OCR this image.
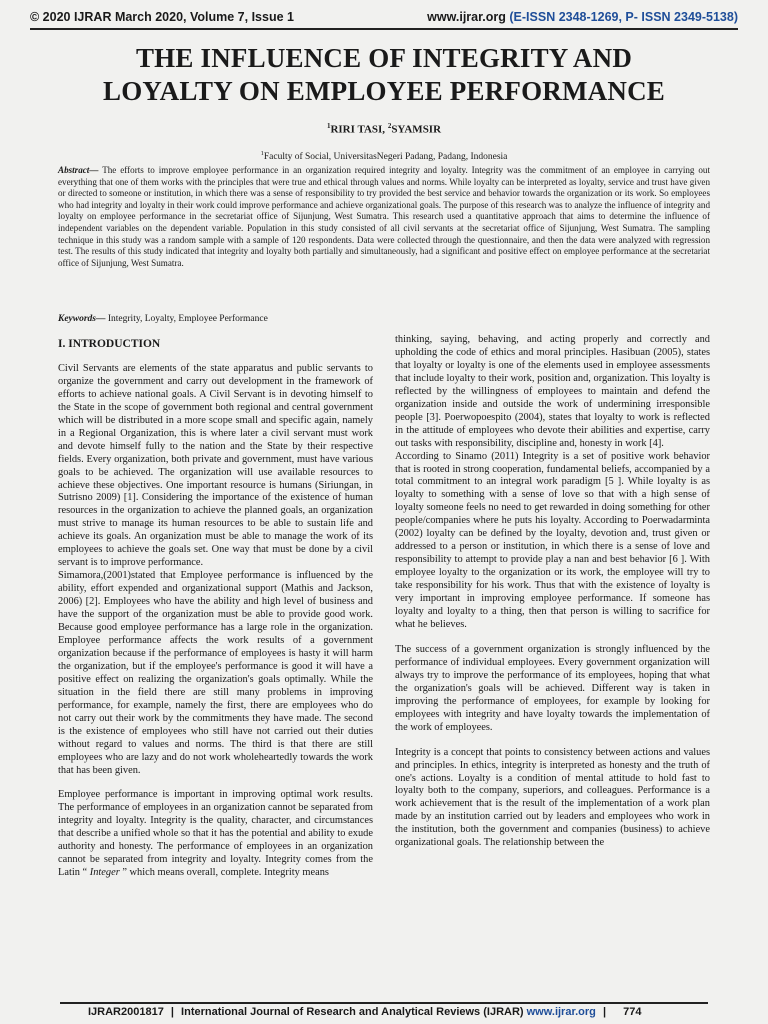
© 2020 IJRAR March 2020, Volume 7, Issue 1	www.ijrar.org (E-ISSN 2348-1269, P- ISSN 2349-5138)
THE INFLUENCE OF INTEGRITY AND
LOYALTY ON EMPLOYEE PERFORMANCE
$^1$RIRI TASI, $^2$SYAMSIR
$^1$Faculty of Social, UniversitasNegeri Padang, Padang, Indonesia
Abstract— The efforts to improve employee performance in an organization required integrity and loyalty. Integrity was the commitment of an employee in carrying out everything that one of them works with the principles that were true and ethical through values and norms. While loyalty can be interpreted as loyalty, service and trust have given or directed to someone or institution, in which there was a sense of responsibility to try provided the best service and behavior towards the organization or its work. So employees who had integrity and loyalty in their work could improve performance and achieve organizational goals. The purpose of this research was to analyze the influence of integrity and loyalty on employee performance in the secretariat office of Sijunjung, West Sumatra. This research used a quantitative approach that aims to determine the influence of independent variables on the dependent variable. Population in this study consisted of all civil servants at the secretariat office of Sijunjung, West Sumatra. The sampling technique in this study was a random sample with a sample of 120 respondents. Data were collected through the questionnaire, and then the data were analyzed with regression test. The results of this study indicated that integrity and loyalty both partially and simultaneously, had a significant and positive effect on employee performance at the secretariat office of Sijunjung, West Sumatra.
Keywords— Integrity, Loyalty, Employee Performance
I. INTRODUCTION

Civil Servants are elements of the state apparatus and public servants to organize the government and carry out development in the framework of efforts to achieve national goals. A Civil Servant is in devoting himself to the State in the scope of government both regional and central government which will be distributed in a more scope small and specific again, namely in a Regional Organization, this is where later a civil servant must work and devote himself fully to the nation and the State by their respective fields. Every organization, both private and government, must have various goals to be achieved. The organization will use available resources to achieve these objectives. One important resource is humans (Siriungan, in Sutrisno 2009) [1]. Considering the importance of the existence of human resources in the organization to achieve the planned goals, an organization must strive to manage its human resources to be able to sustain life and achieve its goals. An organization must be able to manage the work of its employees to achieve the goals set. One way that must be done by a civil servant is to improve performance.

Simamora,(2001)stated that Employee performance is influenced by the ability, effort expended and organizational support (Mathis and Jackson, 2006) [2]. Employees who have the ability and high level of business and have the support of the organization must be able to provide good work. Because good employee performance has a large role in the organization. Employee performance affects the work results of a government organization because if the performance of employees is hasty it will harm the organization, but if the employee's performance is good it will have a positive effect on realizing the organization's goals optimally. While the situation in the field there are still many problems in improving performance, for example, namely the first, there are employees who do not carry out their work by the commitments they have made. The second is the existence of employees who still have not carried out their duties without regard to values and norms. The third is that there are still employees who are lazy and do not work wholeheartedly towards the work that has been given.

Employee performance is important in improving optimal work results. The performance of employees in an organization cannot be separated from integrity and loyalty. Integrity is the quality, character, and circumstances that describe a unified whole so that it has the potential and ability to exude authority and honesty. The performance of employees in an organization cannot be separated from integrity and loyalty. Integrity comes from the Latin “ Integer ” which means overall, complete. Integrity means

thinking, saying, behaving, and acting properly and correctly and upholding the code of ethics and moral principles. Hasibuan (2005), states that loyalty or loyalty is one of the elements used in employee assessments that include loyalty to their work, position and, organization. This loyalty is reflected by the willingness of employees to maintain and defend the organization inside and outside the work of undermining irresponsible people [3]. Poerwopoespito (2004), states that loyalty to work is reflected in the attitude of employees who devote their abilities and expertise, carry out tasks with responsibility, discipline and, honesty in work [4].

According to Sinamo (2011) Integrity is a set of positive work behavior that is rooted in strong cooperation, fundamental beliefs, accompanied by a total commitment to an integral work paradigm [5 ]. While loyalty is as loyalty to something with a sense of love so that with a high sense of loyalty someone feels no need to get rewarded in doing something for other people/companies where he puts his loyalty. According to Poerwadarminta (2002) loyalty can be defined by the loyalty, devotion and, trust given or addressed to a person or institution, in which there is a sense of love and responsibility to attempt to provide play a nan and best behavior [6 ]. With employee loyalty to the organization or its work, the employee will try to take responsibility for his work. Thus that with the existence of loyalty is very important in improving employee performance. If someone has loyalty and loyalty to a thing, then that person is willing to sacrifice for what he believes.

The success of a government organization is strongly influenced by the performance of individual employees. Every government organization will always try to improve the performance of its employees, hoping that what the organization's goals will be achieved. Different way is taken in improving the performance of employees, for example by looking for employees with integrity and have loyalty towards the implementation of the work of employees.

Integrity is a concept that points to consistency between actions and values and principles. In ethics, integrity is interpreted as honesty and the truth of one's actions. Loyalty is a condition of mental attitude to hold fast to loyalty both to the company, superiors, and colleagues. Performance is a work achievement that is the result of the implementation of a work plan made by an institution carried out by leaders and employees who work in the institution, both the government and companies (business) to achieve organizational goals. The relationship between the

IJRAR2001817 | International Journal of Research and Analytical Reviews (IJRAR) www.ijrar.org | 774
